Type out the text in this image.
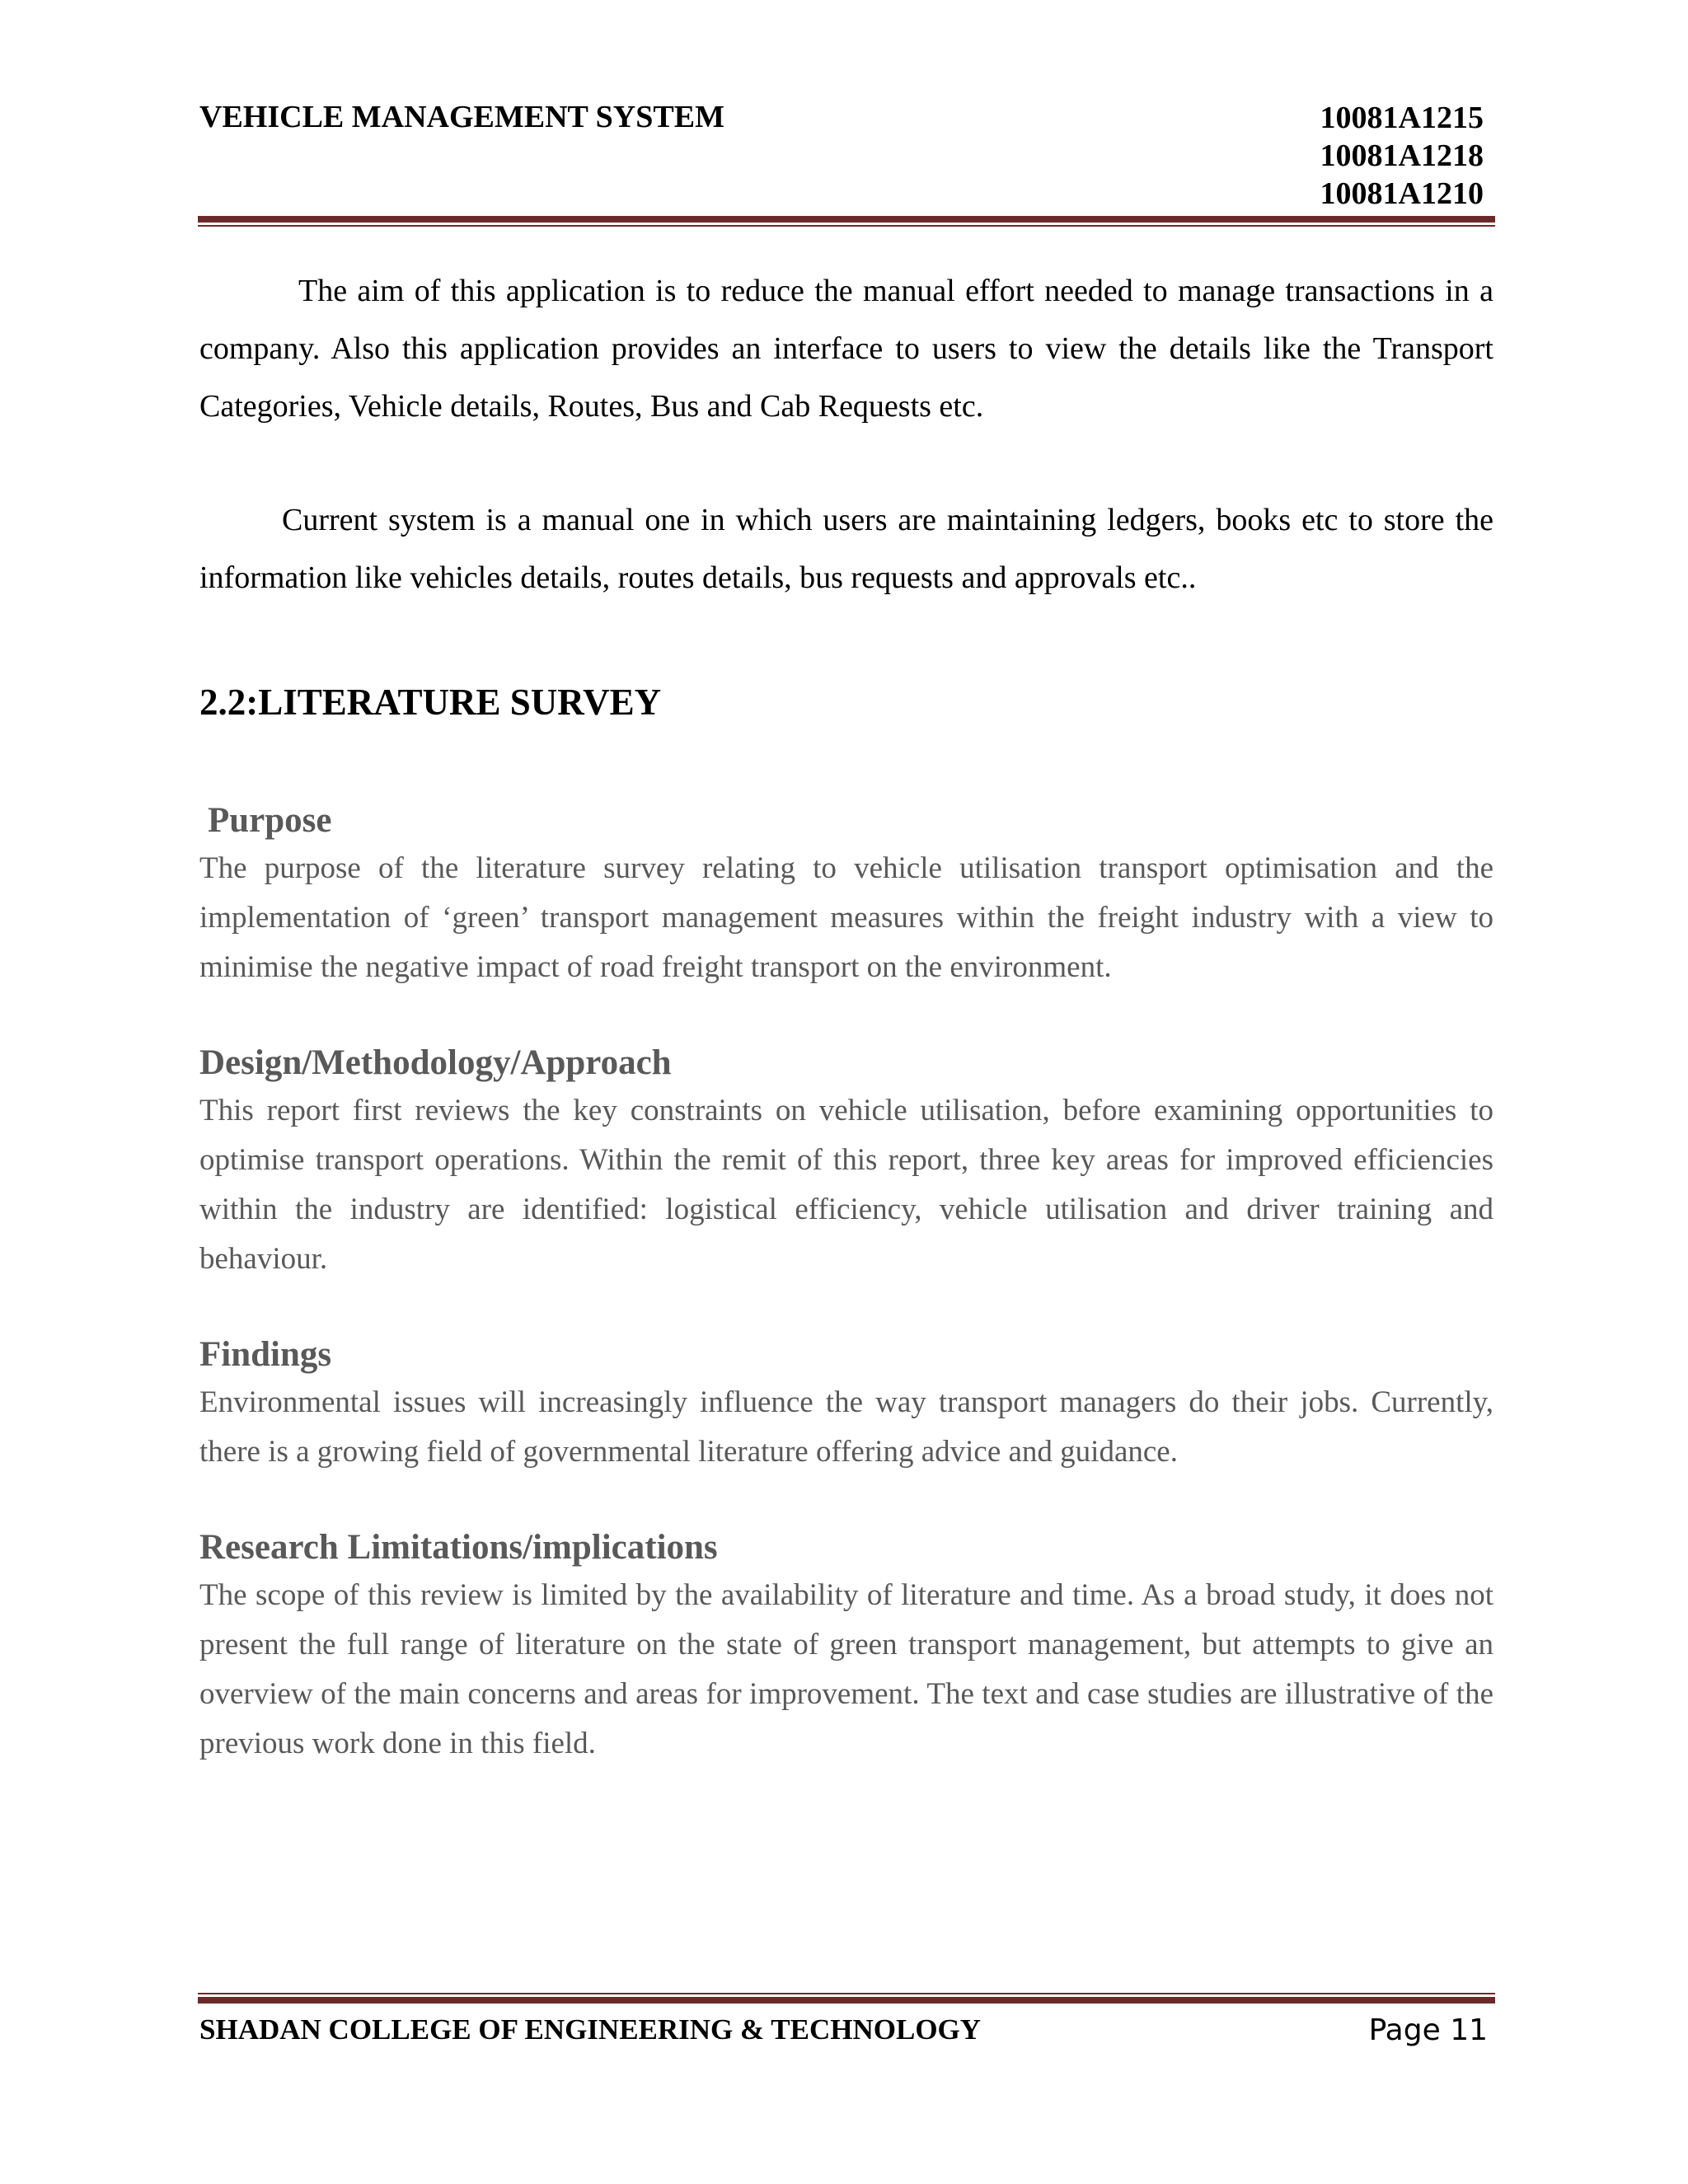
VEHICLE MANAGEMENT SYSTEM	10081A1215
10081A1218
10081A1210

The aim of this application is to reduce the manual effort needed to manage transactions in a company. Also this application provides an interface to users to view the details like the Transport Categories, Vehicle details, Routes, Bus and Cab Requests etc.

Current system is a manual one in which users are maintaining ledgers, books etc to store the information like vehicles details, routes details, bus requests and approvals etc..

2.2:LITERATURE SURVEY
Purpose

The purpose of the literature survey relating to vehicle utilisation transport optimisation and the implementation of ‘green’ transport management measures within the freight industry with a view to minimise the negative impact of road freight transport on the environment.

Design/Methodology/Approach

This report first reviews the key constraints on vehicle utilisation, before examining opportunities to optimise transport operations. Within the remit of this report, three key areas for improved efficiencies within the industry are identified: logistical efficiency, vehicle utilisation and driver training and behaviour.

Findings

Environmental issues will increasingly influence the way transport managers do their jobs. Currently, there is a growing field of governmental literature offering advice and guidance.

Research Limitations/implications

The scope of this review is limited by the availability of literature and time. As a broad study, it does not present the full range of literature on the state of green transport management, but attempts to give an overview of the main concerns and areas for improvement. The text and case studies are illustrative of the previous work done in this field.

SHADAN COLLEGE OF ENGINEERING & TECHNOLOGY	Page 11
